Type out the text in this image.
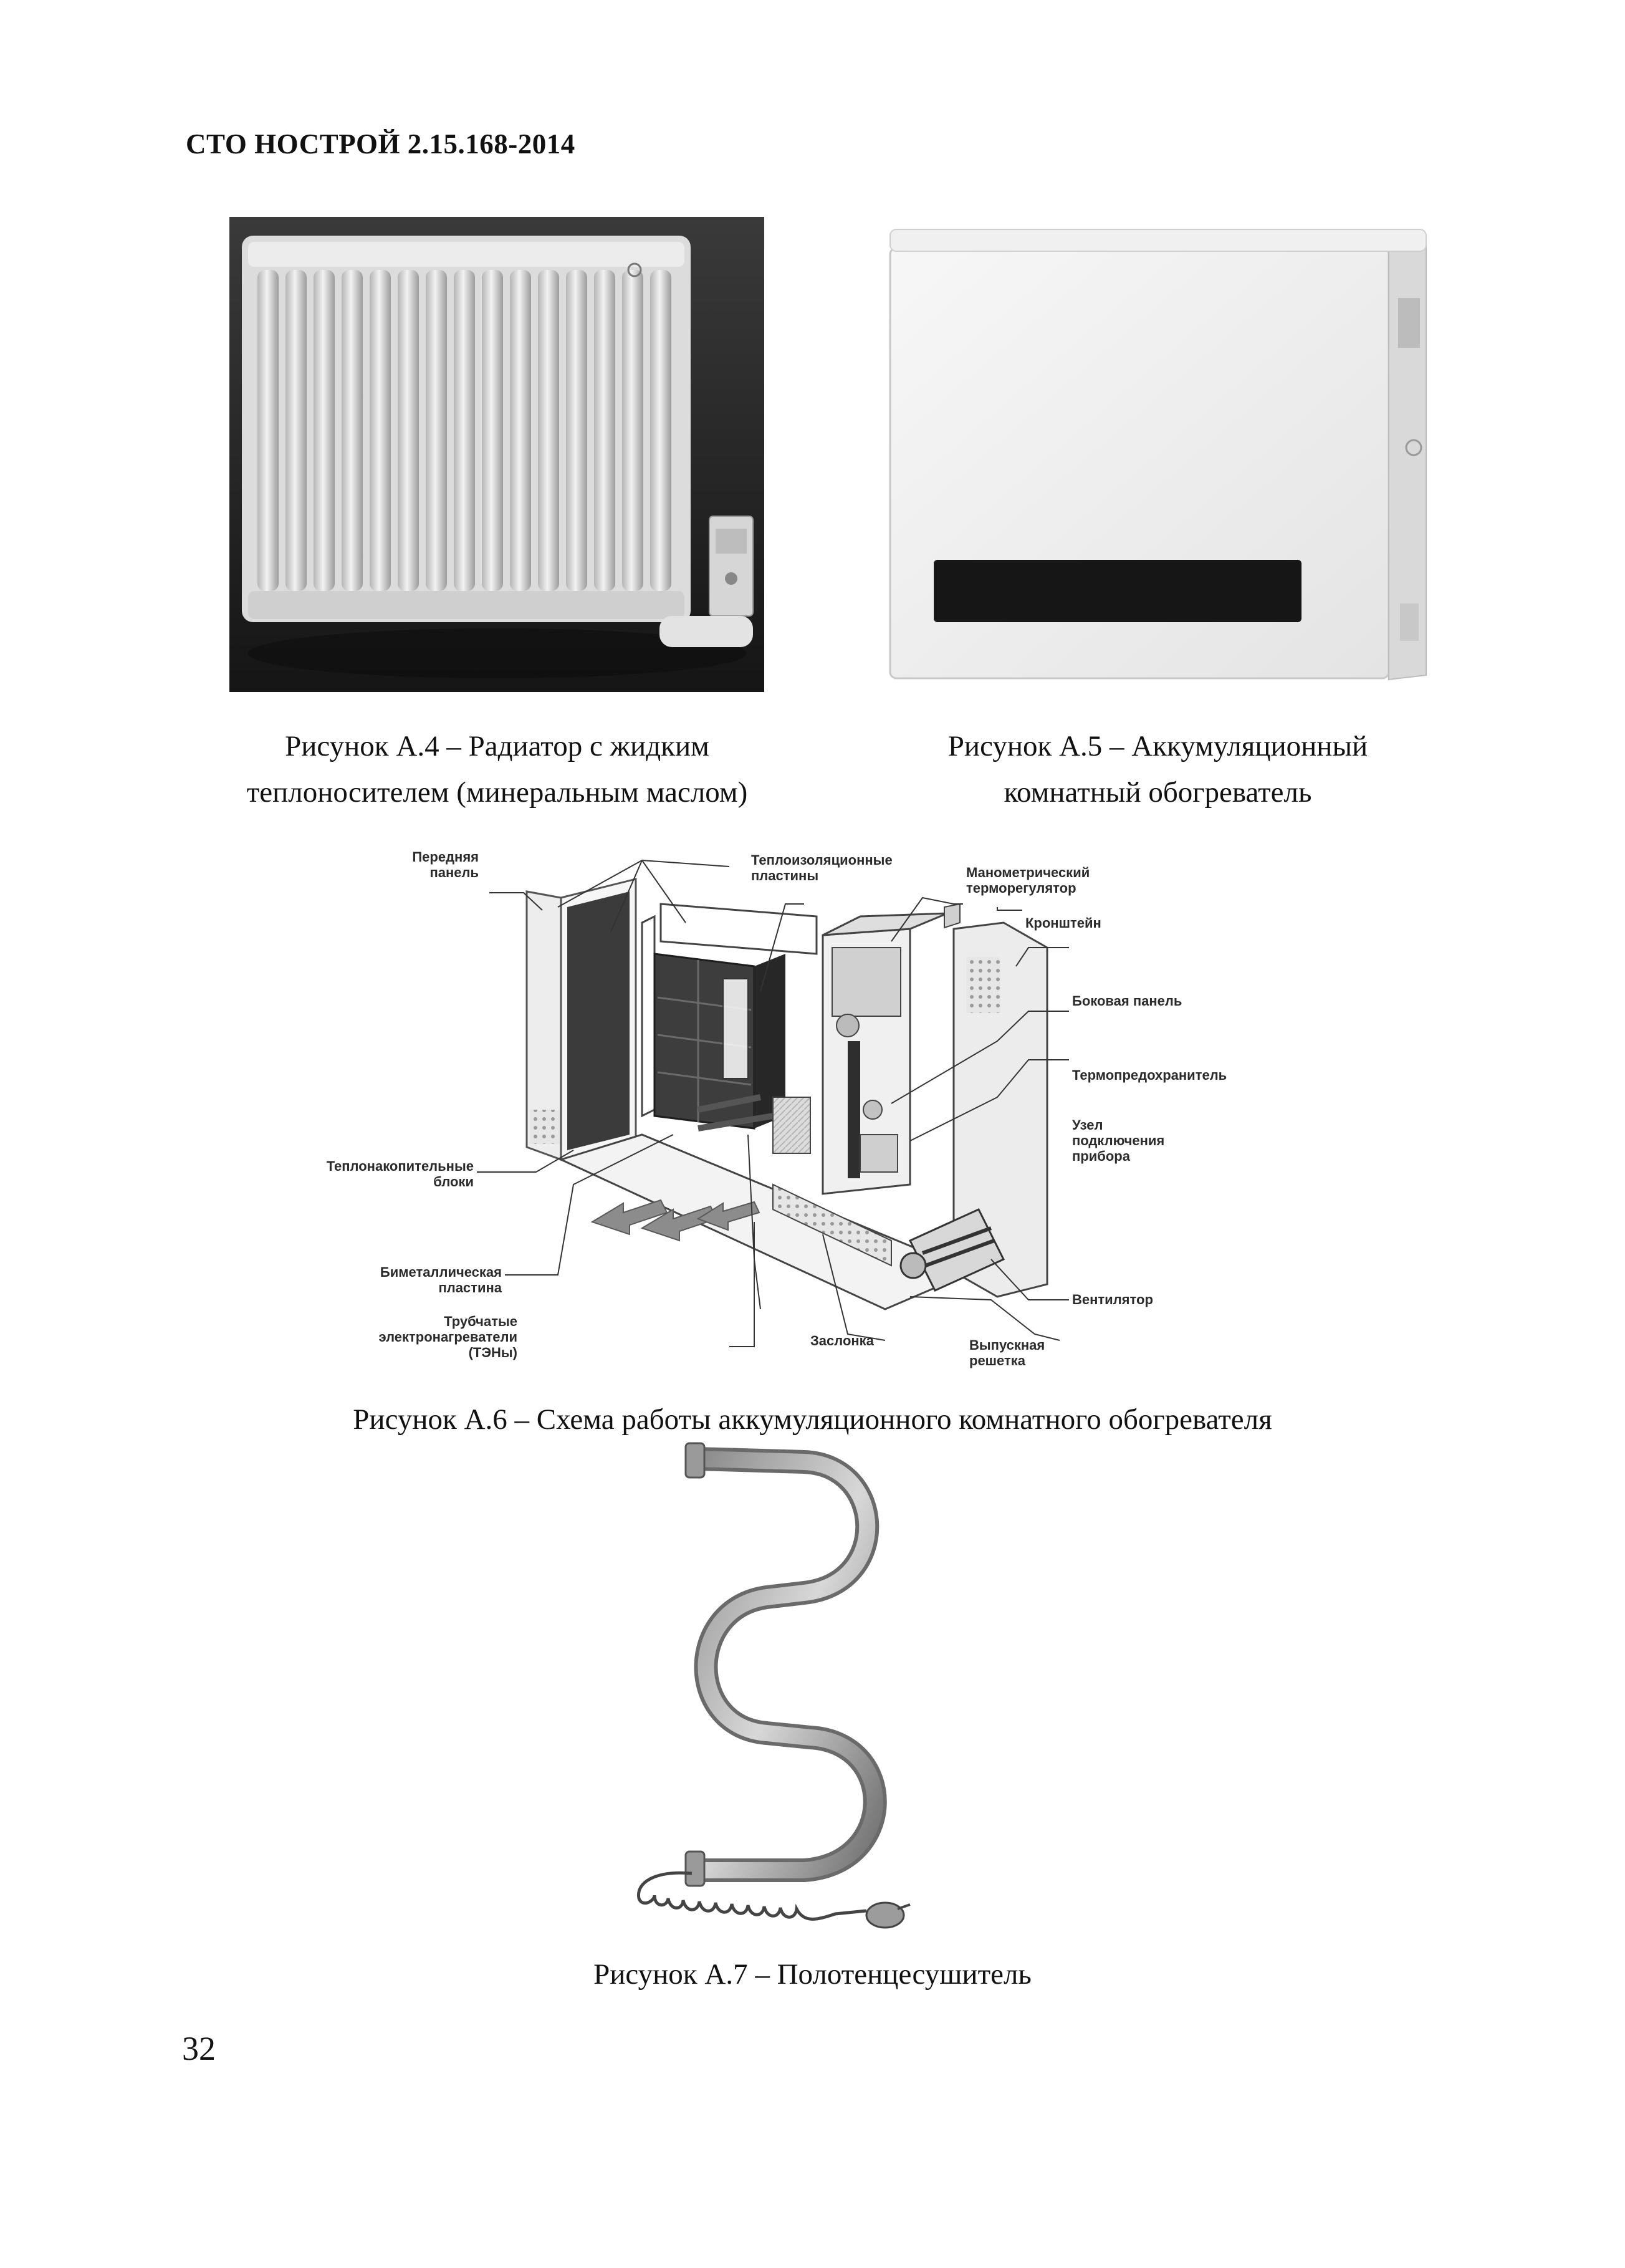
СТО НОСТРОЙ 2.15.168-2014
Рисунок А.4 – Радиатор с жидким
теплоносителем (минеральным маслом)
Рисунок А.5 – Аккумуляционный
комнатный обогреватель
Передняя
панель
Теплоизоляционные
пластины	Манометрический
терморегулятор
Кронштейн
Боковая панель
Термопредохранитель
Узел
подключения
прибора
Теплонакопительные
блоки
Биметаллическая
пластина
Трубчатые
электронагреватели
(ТЭНы)
Заслонка	Выпускная
решетка
Вентилятор
Рисунок А.6 – Схема работы аккумуляционного комнатного обогревателя
Рисунок А.7 – Полотенцесушитель
32
